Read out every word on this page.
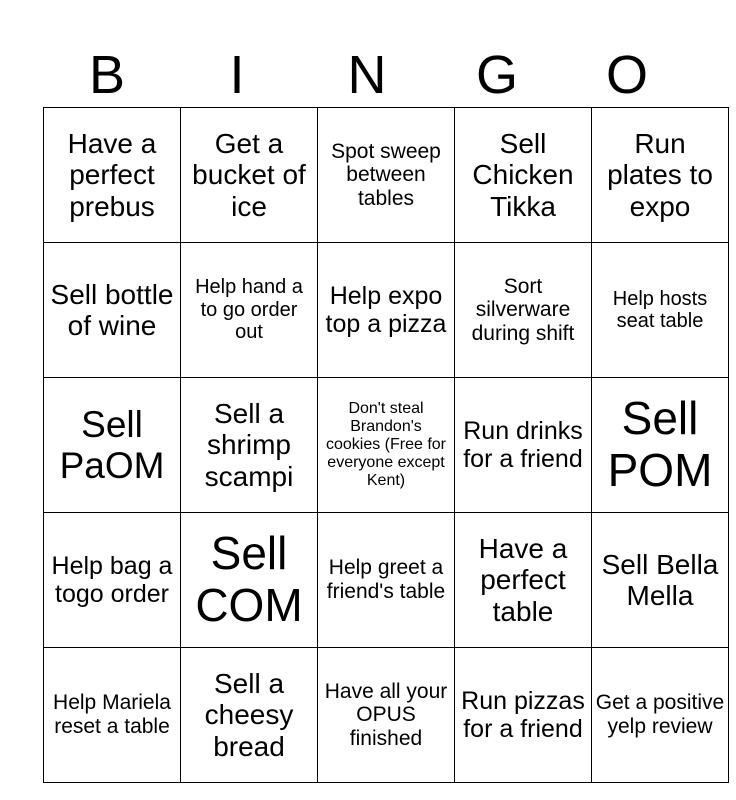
B	I	N	G	O
Have a perfect prebus	Get a bucket of ice	Spot sweep between tables	Sell Chicken Tikka	Run plates to expo
Sell bottle of wine	Help hand a to go order out	Help expo top a pizza	Sort silverware during shift	Help hosts seat table
Sell PaOM	Sell a shrimp scampi	Don't steal Brandon's cookies (Free for everyone except Kent)	Run drinks for a friend	Sell POM
Help bag a togo order	Sell COM	Help greet a friend's table	Have a perfect table	Sell Bella Mella
Help Mariela reset a table	Sell a cheesy bread	Have all your OPUS finished	Run pizzas for a friend	Get a positive yelp review
